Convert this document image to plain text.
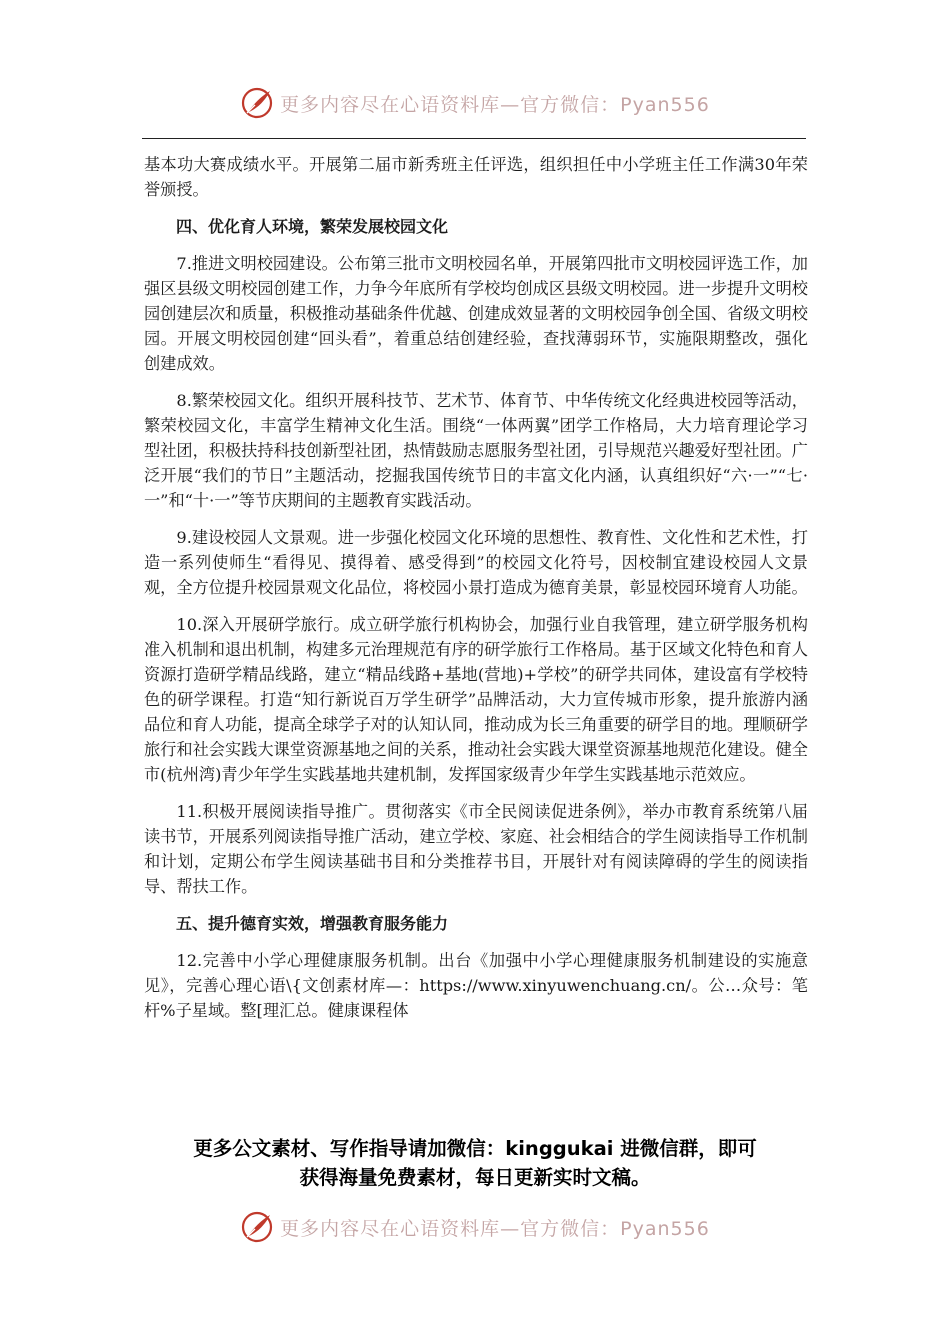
更多内容尽在心语资料库—官方微信：Pyan556

基本功大赛成绩水平。开展第二届市新秀班主任评选，组织担任中小学班主任工作满30年荣誉颁授。

四、优化育人环境，繁荣发展校园文化

7.推进文明校园建设。公布第三批市文明校园名单，开展第四批市文明校园评选工作，加强区县级文明校园创建工作，力争今年底所有学校均创成区县级文明校园。进一步提升文明校园创建层次和质量，积极推动基础条件优越、创建成效显著的文明校园争创全国、省级文明校园。开展文明校园创建“回头看”，着重总结创建经验，查找薄弱环节，实施限期整改，强化创建成效。

8.繁荣校园文化。组织开展科技节、艺术节、体育节、中华传统文化经典进校园等活动，繁荣校园文化，丰富学生精神文化生活。围绕“一体两翼”团学工作格局，大力培育理论学习型社团，积极扶持科技创新型社团，热情鼓励志愿服务型社团，引导规范兴趣爱好型社团。广泛开展“我们的节日”主题活动，挖掘我国传统节日的丰富文化内涵，认真组织好“六·一”“七·一”和“十·一”等节庆期间的主题教育实践活动。

9.建设校园人文景观。进一步强化校园文化环境的思想性、教育性、文化性和艺术性，打造一系列使师生“看得见、摸得着、感受得到”的校园文化符号，因校制宜建设校园人文景观，全方位提升校园景观文化品位，将校园小景打造成为德育美景，彰显校园环境育人功能。

10.深入开展研学旅行。成立研学旅行机构协会，加强行业自我管理，建立研学服务机构准入机制和退出机制，构建多元治理规范有序的研学旅行工作格局。基于区域文化特色和育人资源打造研学精品线路，建立“精品线路+基地(营地)+学校”的研学共同体，建设富有学校特色的研学课程。打造“知行新说百万学生研学”品牌活动，大力宣传城市形象，提升旅游内涵品位和育人功能，提高全球学子对的认知认同，推动成为长三角重要的研学目的地。理顺研学旅行和社会实践大课堂资源基地之间的关系，推动社会实践大课堂资源基地规范化建设。健全市(杭州湾)青少年学生实践基地共建机制，发挥国家级青少年学生实践基地示范效应。

11.积极开展阅读指导推广。贯彻落实《市全民阅读促进条例》，举办市教育系统第八届读书节，开展系列阅读指导推广活动，建立学校、家庭、社会相结合的学生阅读指导工作机制和计划，定期公布学生阅读基础书目和分类推荐书目，开展针对有阅读障碍的学生的阅读指导、帮扶工作。

五、提升德育实效，增强教育服务能力

12.完善中小学心理健康服务机制。出台《加强中小学心理健康服务机制建设的实施意见》，完善心理心语\{文创素材库—：https://www.xinyuwenchuang.cn/。公…众号：笔杆%子星域。整[理汇总。健康课程体

更多公文素材、写作指导请加微信：kinggukai 进微信群，即可
获得海量免费素材，每日更新实时文稿。
更多内容尽在心语资料库—官方微信：Pyan556
